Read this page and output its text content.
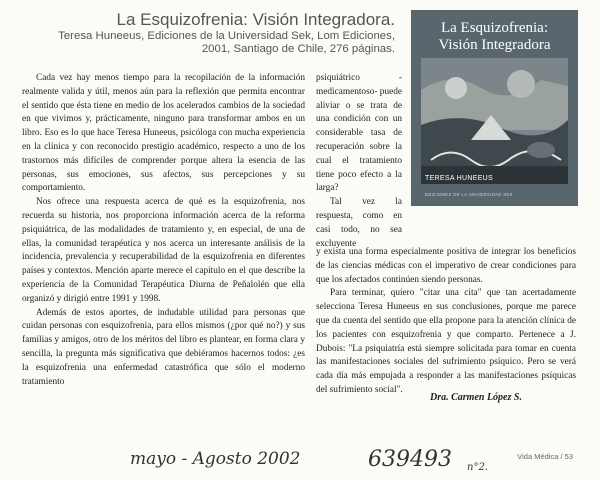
La Esquizofrenia: Visión Integradora.
Teresa Huneeus, Ediciones de la Universidad Sek, Lom Ediciones,
2001, Santiago de Chile, 276 páginas.
La Esquizofrenia:
Visión Integradora
TERESA HUNEEUS
EDICIONES DE LA UNIVERSIDAD SEK

Cada vez hay menos tiempo para la recopilación de la información realmente valida y útil, menos aún para la reflexión que permita encontrar el sentido que ésta tiene en medio de los acelerados cambios de la sociedad en que vivimos y, prácticamente, ninguno para transformar ambos en un libro. Eso es lo que hace Teresa Huneeus, psicóloga con mucha experiencia en la clínica y con reconocido prestigio académico, respecto a uno de los trastornos más difíciles de comprender porque altera la esencia de las personas, sus emociones, sus afectos, sus percepciones y su comportamiento.

Nos ofrece una respuesta acerca de qué es la esquizofrenia, nos recuerda su historia, nos proporciona información acerca de la reforma psiquiátrica, de las modalidades de tratamiento y, en especial, de una de ellas, la comunidad terapéutica y nos acerca un interesante análisis de la incidencia, prevalencia y recuperabilidad de la esquizofrenia en diferentes países y contextos. Mención aparte merece el capítulo en el que describe la experiencia de la Comunidad Terapéutica Diurna de Peñalolén que ella organizó y dirigió entre 1991 y 1998.

Además de estos aportes, de indudable utilidad para personas que cuidan personas con esquizofrenia, para ellos mismos (¿por qué no?) y sus familias y amigos, otro de los méritos del libro es plantear, en forma clara y sencilla, la pregunta más significativa que debiéramos hacernos todos: ¿es la esquizofrenia una enfermedad catastrófica que sólo el moderno tratamiento

psiquiátrico -medicamentoso- puede aliviar o se trata de una condición con un considerable tasa de recuperación sobre la cual el tratamiento tiene poco efecto a la larga?

Tal vez la respuesta, como en casi todo, no sea excluyente

y exista una forma especialmente positiva de integrar los beneficios de las ciencias médicas con el imperativo de crear condiciones para que los afectados continúen siendo personas.

Para terminar, quiero "citar una cita" que tan acertadamente selecciona Teresa Huneeus en sus conclusiones, porque me parece que da cuenta del sentido que ella propone para la atención clínica de los pacientes con esquizofrenia y que comparto. Pertenece a J. Dubois: "La psiquiatría está siempre solicitada para tomar en cuenta las manifestaciones sociales del sufrimiento psíquico. Pero se verá cada día más empujada a responder a las manifestaciones psíquicas del sufrimiento social".

Dra. Carmen López S.
mayo - Agosto 2002	639493 n°2.
Vida Médica / 53
